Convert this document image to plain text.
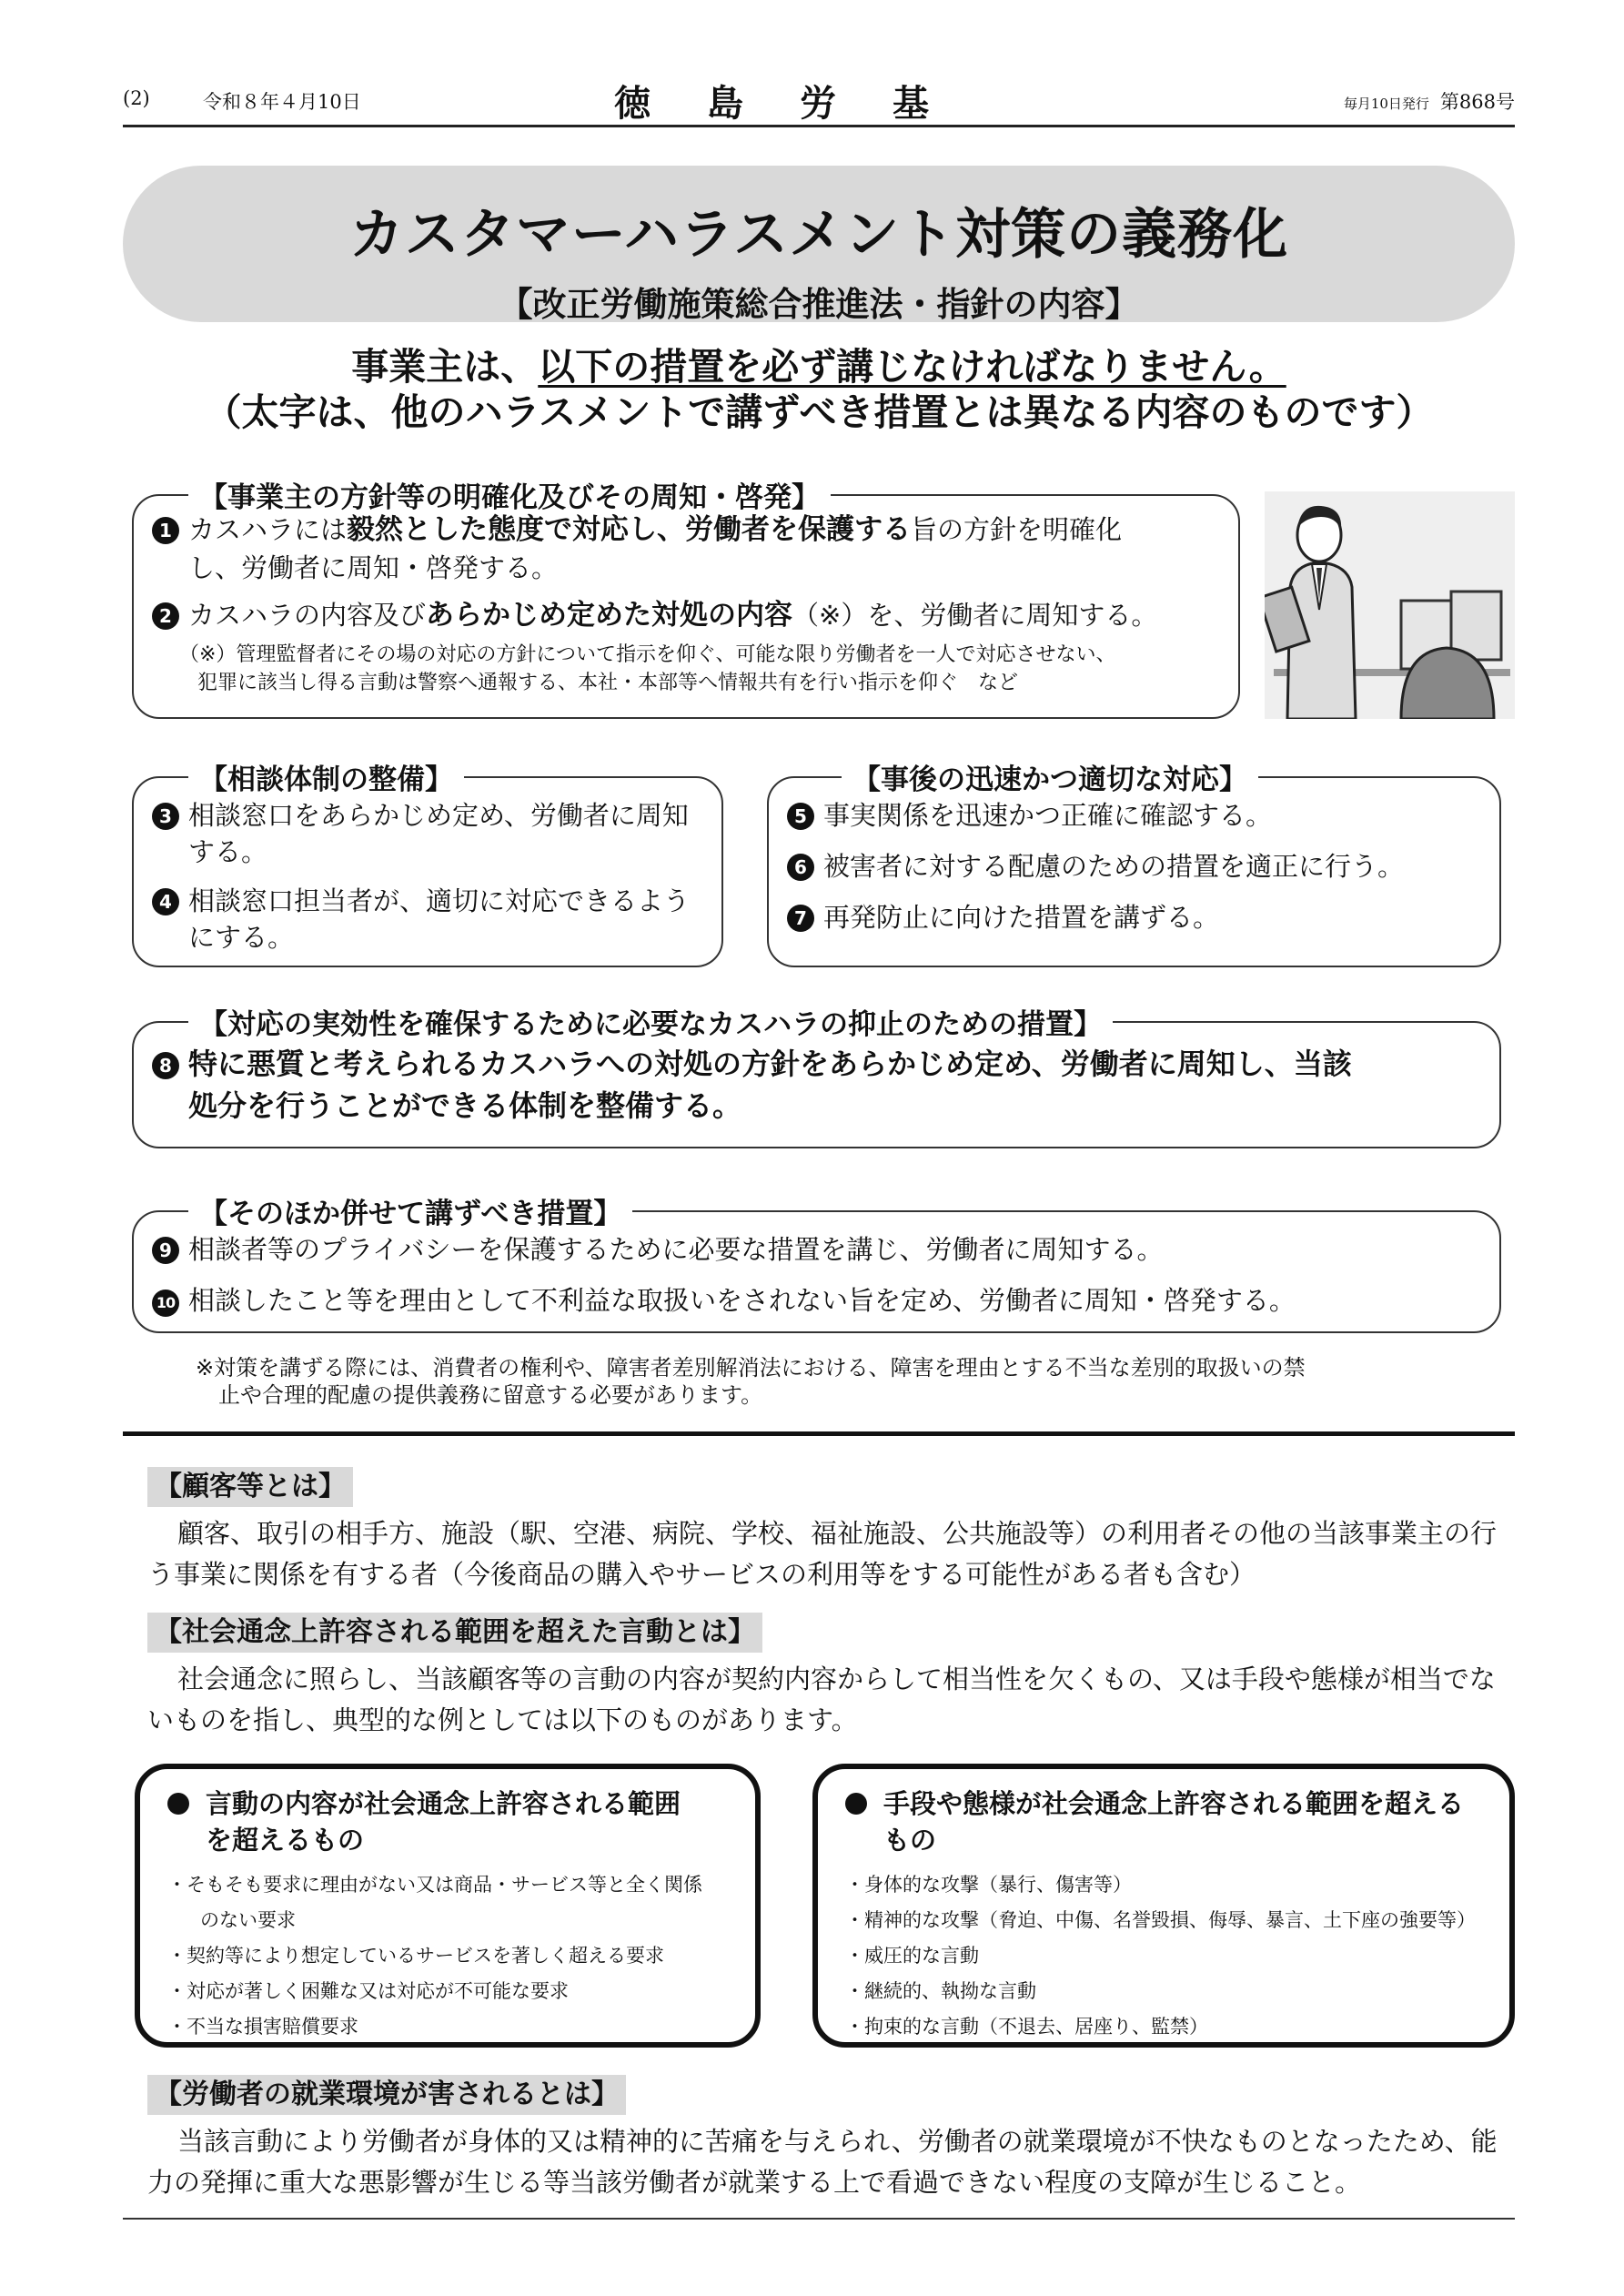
(2)	令和８年４月10日	徳島労基	毎月10日発行 第868号
カスタマーハラスメント対策の義務化
【改正労働施策総合推進法・指針の内容】
事業主は、以下の措置を必ず講じなければなりません。
（太字は、他のハラスメントで講ずべき措置とは異なる内容のものです）
【事業主の方針等の明確化及びその周知・啓発】
1 カスハラには毅然とした態度で対応し、労働者を保護する旨の方針を明確化
し、労働者に周知・啓発する。
2 カスハラの内容及びあらかじめ定めた対処の内容（※）を、労働者に周知する。
（※）管理監督者にその場の対応の方針について指示を仰ぐ、可能な限り労働者を一人で対応させない、
犯罪に該当し得る言動は警察へ通報する、本社・本部等へ情報共有を行い指示を仰ぐ　など
【相談体制の整備】
3 相談窓口をあらかじめ定め、労働者に周知
する。
4 相談窓口担当者が、適切に対応できるよう
にする。
【事後の迅速かつ適切な対応】
5 事実関係を迅速かつ正確に確認する。
6 被害者に対する配慮のための措置を適正に行う。
7 再発防止に向けた措置を講ずる。
【対応の実効性を確保するために必要なカスハラの抑止のための措置】
8 特に悪質と考えられるカスハラへの対処の方針をあらかじめ定め、労働者に周知し、当該
処分を行うことができる体制を整備する。
【そのほか併せて講ずべき措置】
9 相談者等のプライバシーを保護するために必要な措置を講じ、労働者に周知する。
10 相談したこと等を理由として不利益な取扱いをされない旨を定め、労働者に周知・啓発する。
※対策を講ずる際には、消費者の権利や、障害者差別解消法における、障害を理由とする不当な差別的取扱いの禁
止や合理的配慮の提供義務に留意する必要があります。
【顧客等とは】
顧客、取引の相手方、施設（駅、空港、病院、学校、福祉施設、公共施設等）の利用者その他の当該事業主の行う事業に関係を有する者（今後商品の購入やサービスの利用等をする可能性がある者も含む）
【社会通念上許容される範囲を超えた言動とは】
社会通念に照らし、当該顧客等の言動の内容が契約内容からして相当性を欠くもの、又は手段や態様が相当でないものを指し、典型的な例としては以下のものがあります。
言動の内容が社会通念上許容される範囲
を超えるもの
・そもそも要求に理由がない又は商品・サービス等と全く関係
のない要求
・契約等により想定しているサービスを著しく超える要求
・対応が著しく困難な又は対応が不可能な要求
・不当な損害賠償要求
手段や態様が社会通念上許容される範囲を超える
もの
・身体的な攻撃（暴行、傷害等）
・精神的な攻撃（脅迫、中傷、名誉毀損、侮辱、暴言、土下座の強要等）
・威圧的な言動
・継続的、執拗な言動
・拘束的な言動（不退去、居座り、監禁）
【労働者の就業環境が害されるとは】
当該言動により労働者が身体的又は精神的に苦痛を与えられ、労働者の就業環境が不快なものとなったため、能力の発揮に重大な悪影響が生じる等当該労働者が就業する上で看過できない程度の支障が生じること。
